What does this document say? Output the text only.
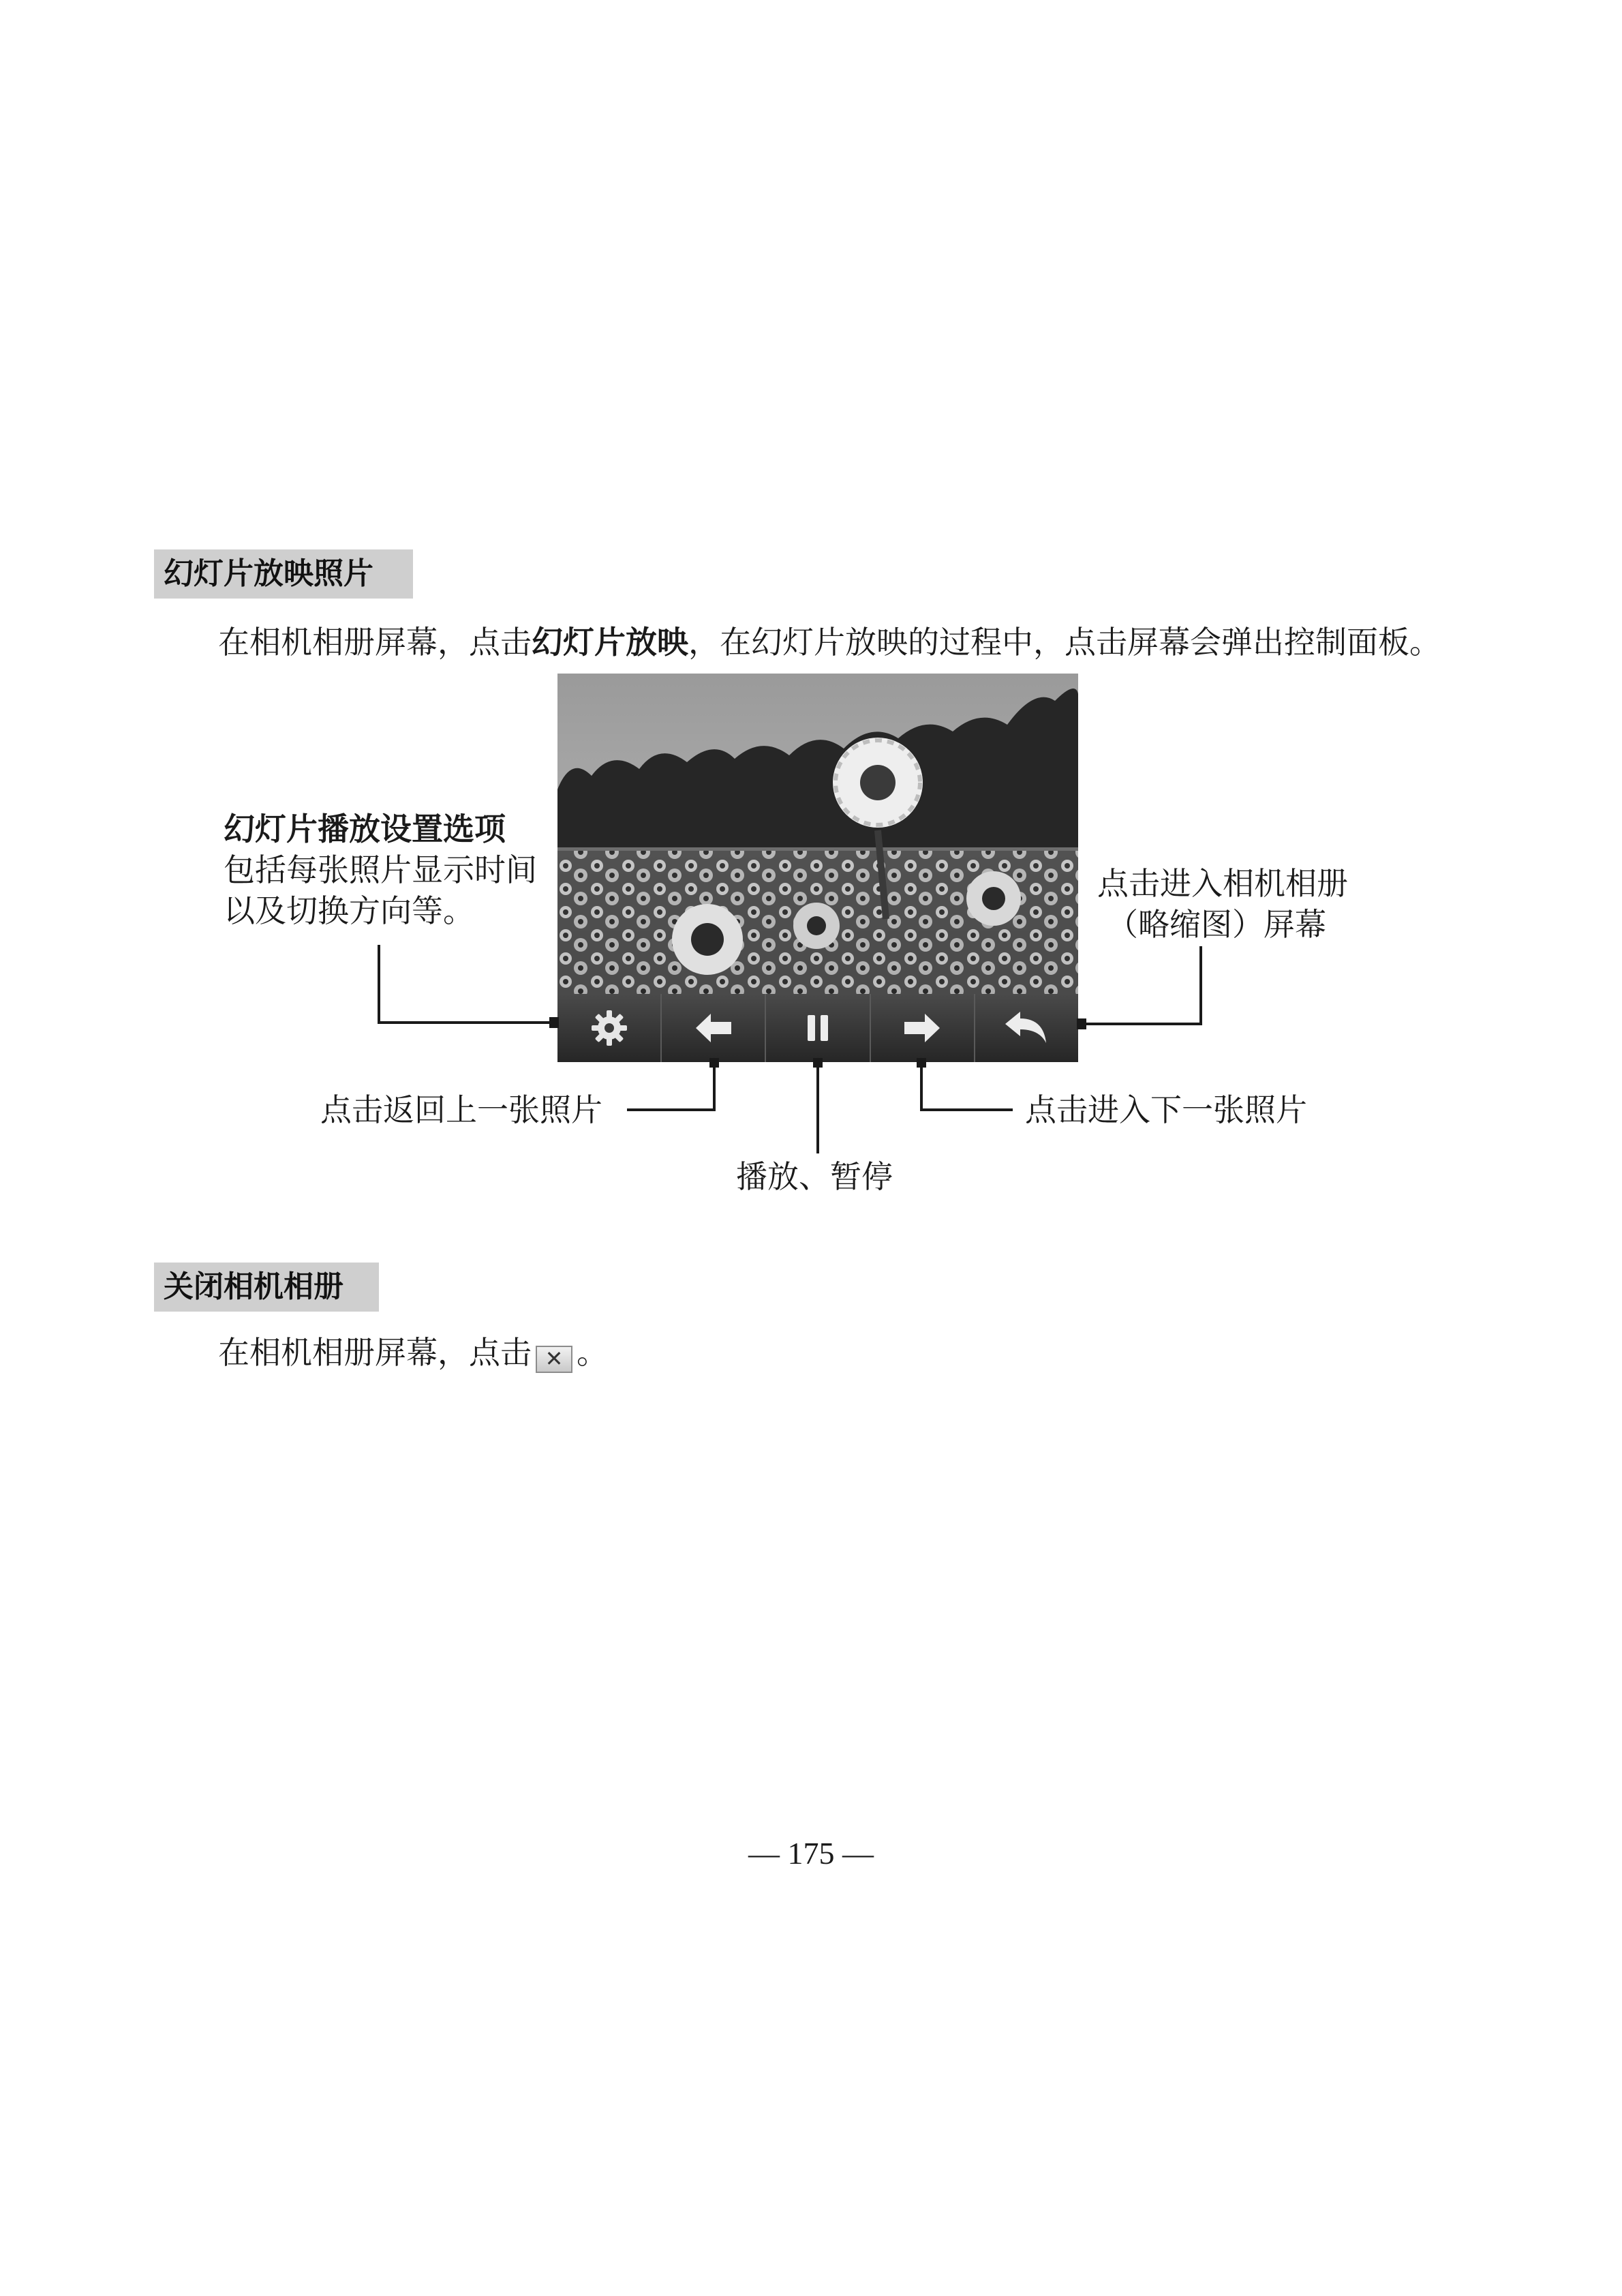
幻灯片放映照片
在相机相册屏幕，点击幻灯片放映，在幻灯片放映的过程中，点击屏幕会弹出控制面板。
幻灯片播放设置选项
包括每张照片显示时间
以及切换方向等。
点击进入相机相册
（略缩图）屏幕
点击返回上一张照片
播放、暂停
点击进入下一张照片
关闭相机相册
在相机相册屏幕，点击 ✕ 。
— 175 —
